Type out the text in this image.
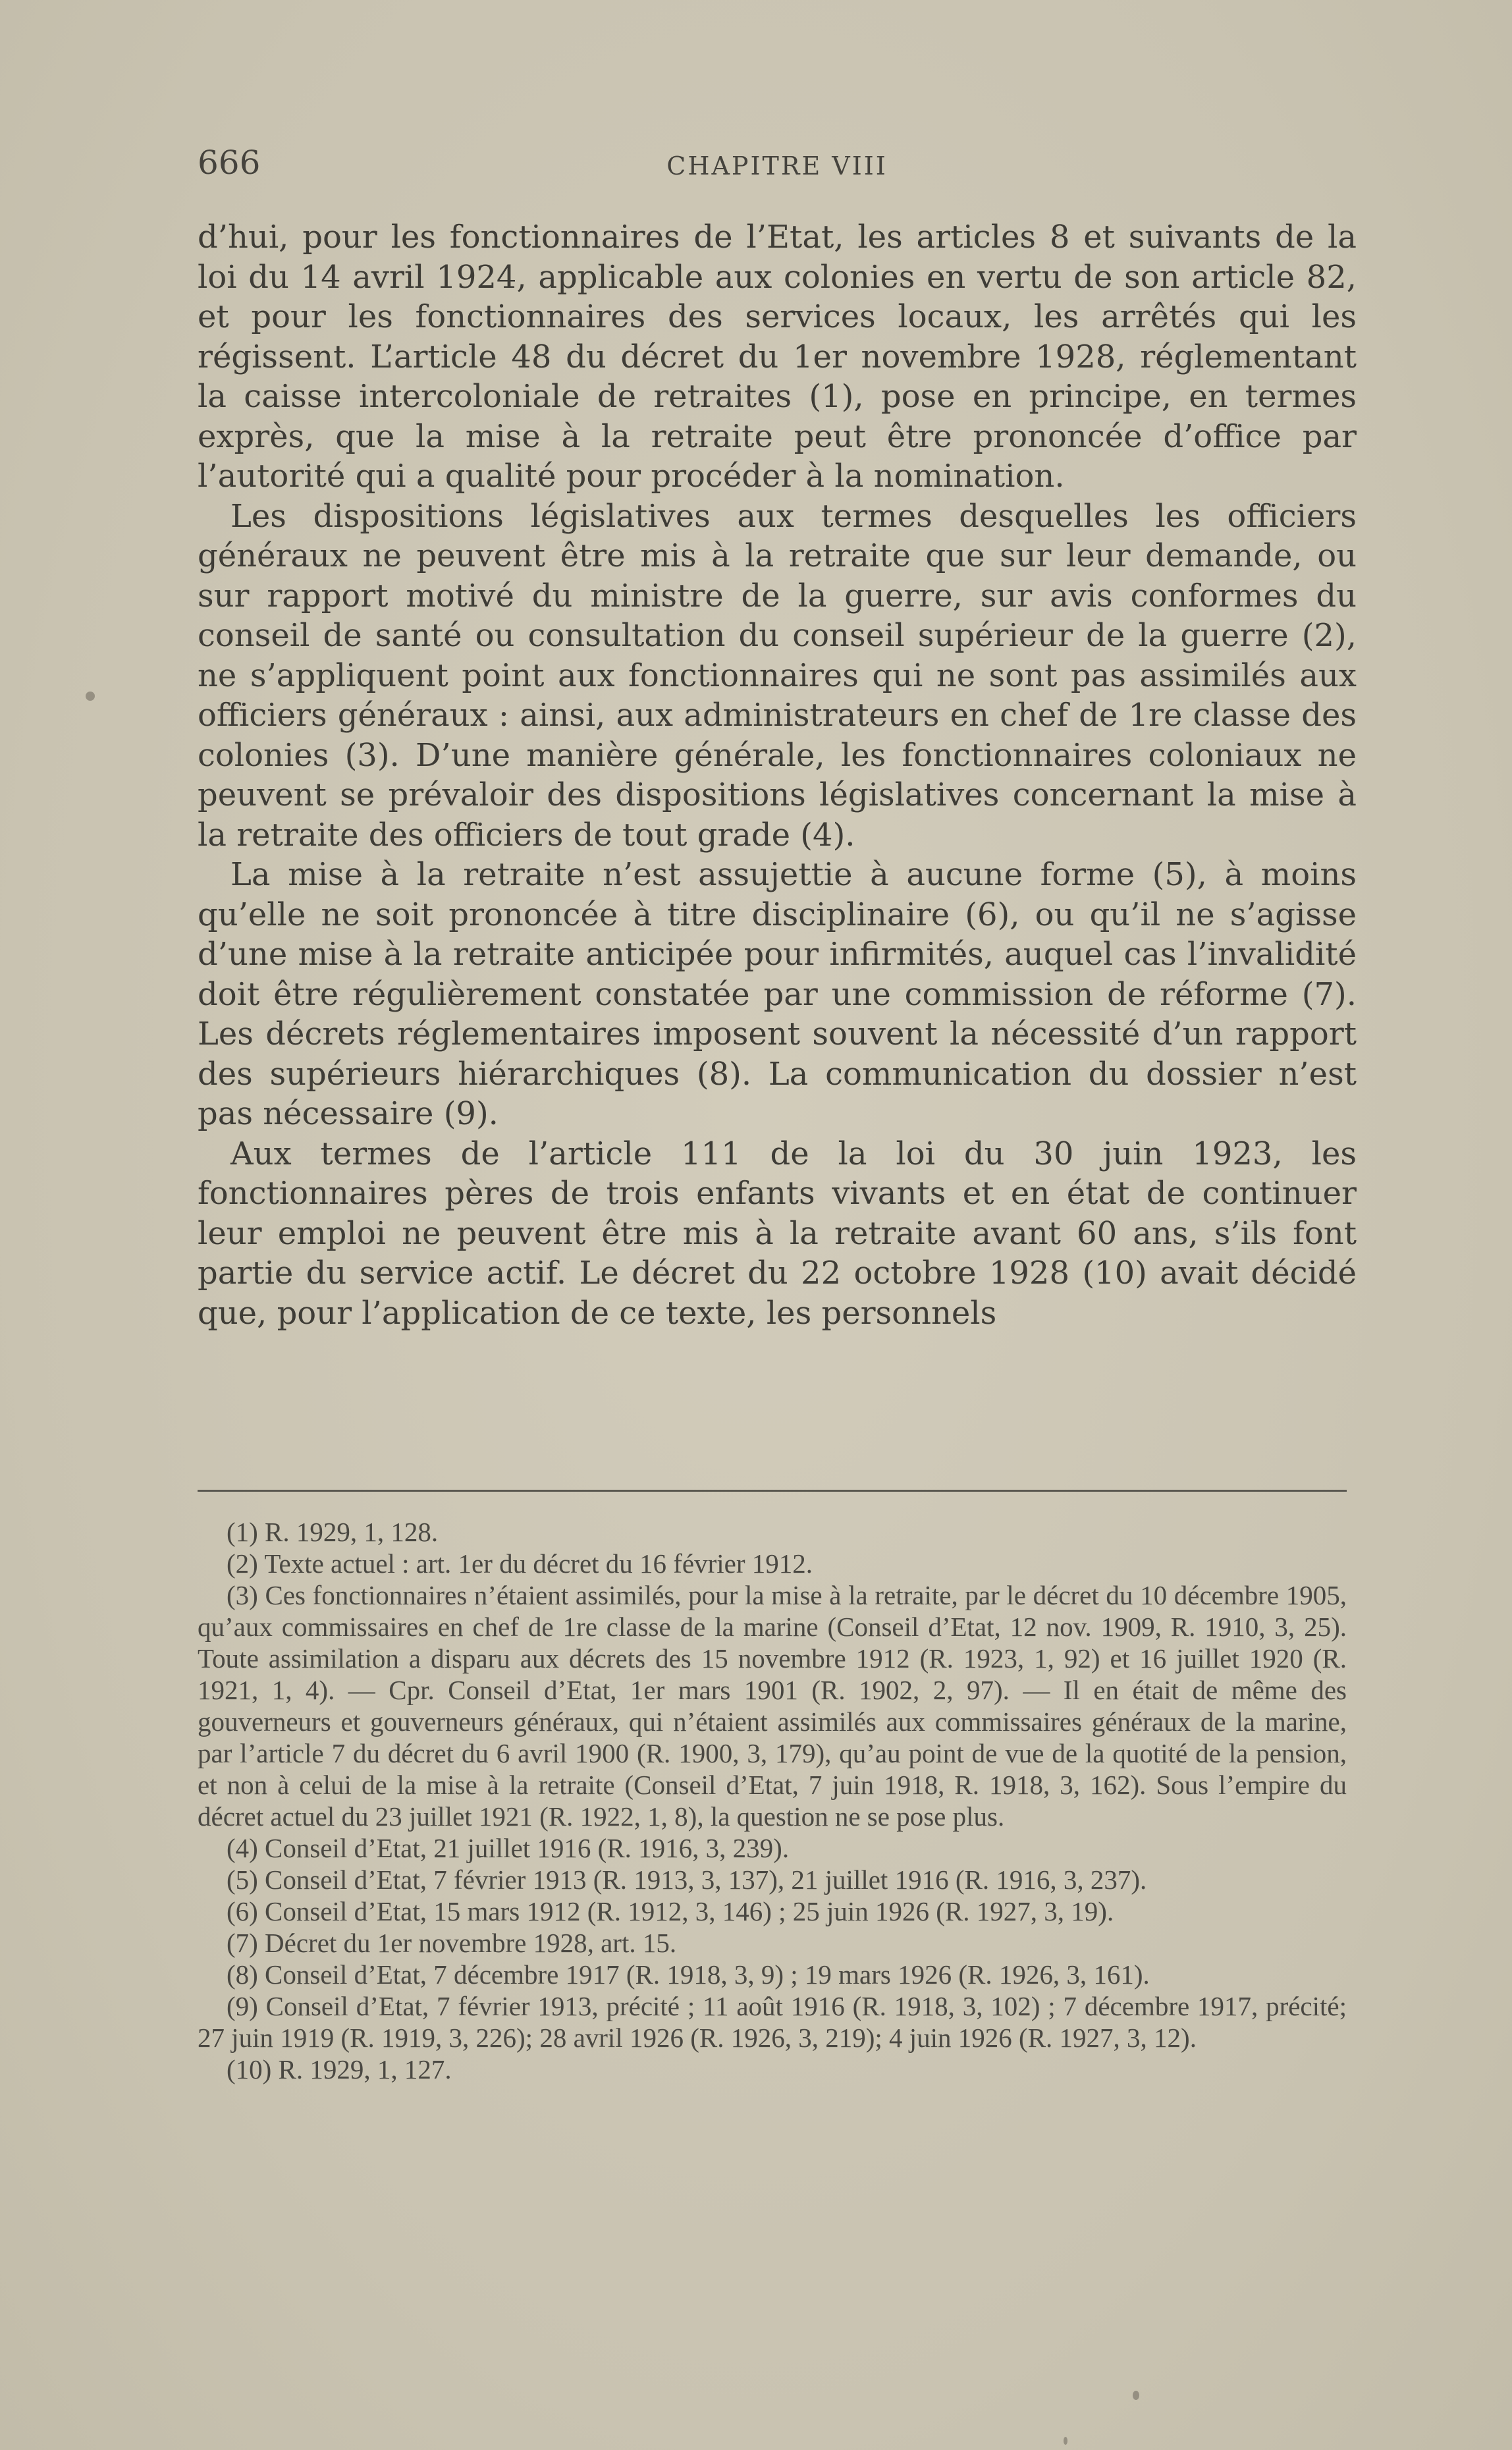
666	CHAPITRE VIII

d’hui, pour les fonctionnaires de l’Etat, les articles 8 et suivants de la loi du 14 avril 1924, applicable aux colonies en vertu de son article 82, et pour les fonctionnaires des services locaux, les arrêtés qui les régissent. L’article 48 du décret du 1er novembre 1928, réglementant la caisse intercoloniale de retraites (1), pose en principe, en termes exprès, que la mise à la retraite peut être prononcée d’office par l’autorité qui a qualité pour procéder à la nomination.

Les dispositions législatives aux termes desquelles les officiers généraux ne peuvent être mis à la retraite que sur leur demande, ou sur rapport motivé du ministre de la guerre, sur avis conformes du conseil de santé ou consultation du conseil supérieur de la guerre (2), ne s’appliquent point aux fonctionnaires qui ne sont pas assimilés aux officiers généraux : ainsi, aux administrateurs en chef de 1re classe des colonies (3). D’une manière générale, les fonctionnaires coloniaux ne peuvent se prévaloir des dispositions législatives concernant la mise à la retraite des officiers de tout grade (4).

La mise à la retraite n’est assujettie à aucune forme (5), à moins qu’elle ne soit prononcée à titre disciplinaire (6), ou qu’il ne s’agisse d’une mise à la retraite anticipée pour infirmités, auquel cas l’invalidité doit être régulièrement constatée par une commission de réforme (7). Les décrets réglementaires imposent souvent la nécessité d’un rapport des supérieurs hiérarchiques (8). La communication du dossier n’est pas nécessaire (9).

Aux termes de l’article 111 de la loi du 30 juin 1923, les fonctionnaires pères de trois enfants vivants et en état de continuer leur emploi ne peuvent être mis à la retraite avant 60 ans, s’ils font partie du service actif. Le décret du 22 octobre 1928 (10) avait décidé que, pour l’application de ce texte, les personnels

(1) R. 1929, 1, 128.

(2) Texte actuel : art. 1er du décret du 16 février 1912.

(3) Ces fonctionnaires n’étaient assimilés, pour la mise à la retraite, par le décret du 10 décembre 1905, qu’aux commissaires en chef de 1re classe de la marine (Conseil d’Etat, 12 nov. 1909, R. 1910, 3, 25). Toute assimilation a disparu aux décrets des 15 novembre 1912 (R. 1923, 1, 92) et 16 juillet 1920 (R. 1921, 1, 4). — Cpr. Conseil d’Etat, 1er mars 1901 (R. 1902, 2, 97). — Il en était de même des gouverneurs et gouverneurs généraux, qui n’étaient assimilés aux commissaires généraux de la marine, par l’article 7 du décret du 6 avril 1900 (R. 1900, 3, 179), qu’au point de vue de la quotité de la pension, et non à celui de la mise à la retraite (Conseil d’Etat, 7 juin 1918, R. 1918, 3, 162). Sous l’empire du décret actuel du 23 juillet 1921 (R. 1922, 1, 8), la question ne se pose plus.

(4) Conseil d’Etat, 21 juillet 1916 (R. 1916, 3, 239).

(5) Conseil d’Etat, 7 février 1913 (R. 1913, 3, 137), 21 juillet 1916 (R. 1916, 3, 237).

(6) Conseil d’Etat, 15 mars 1912 (R. 1912, 3, 146) ; 25 juin 1926 (R. 1927, 3, 19).

(7) Décret du 1er novembre 1928, art. 15.

(8) Conseil d’Etat, 7 décembre 1917 (R. 1918, 3, 9) ; 19 mars 1926 (R. 1926, 3, 161).

(9) Conseil d’Etat, 7 février 1913, précité ; 11 août 1916 (R. 1918, 3, 102) ; 7 décembre 1917, précité; 27 juin 1919 (R. 1919, 3, 226); 28 avril 1926 (R. 1926, 3, 219); 4 juin 1926 (R. 1927, 3, 12).

(10) R. 1929, 1, 127.
